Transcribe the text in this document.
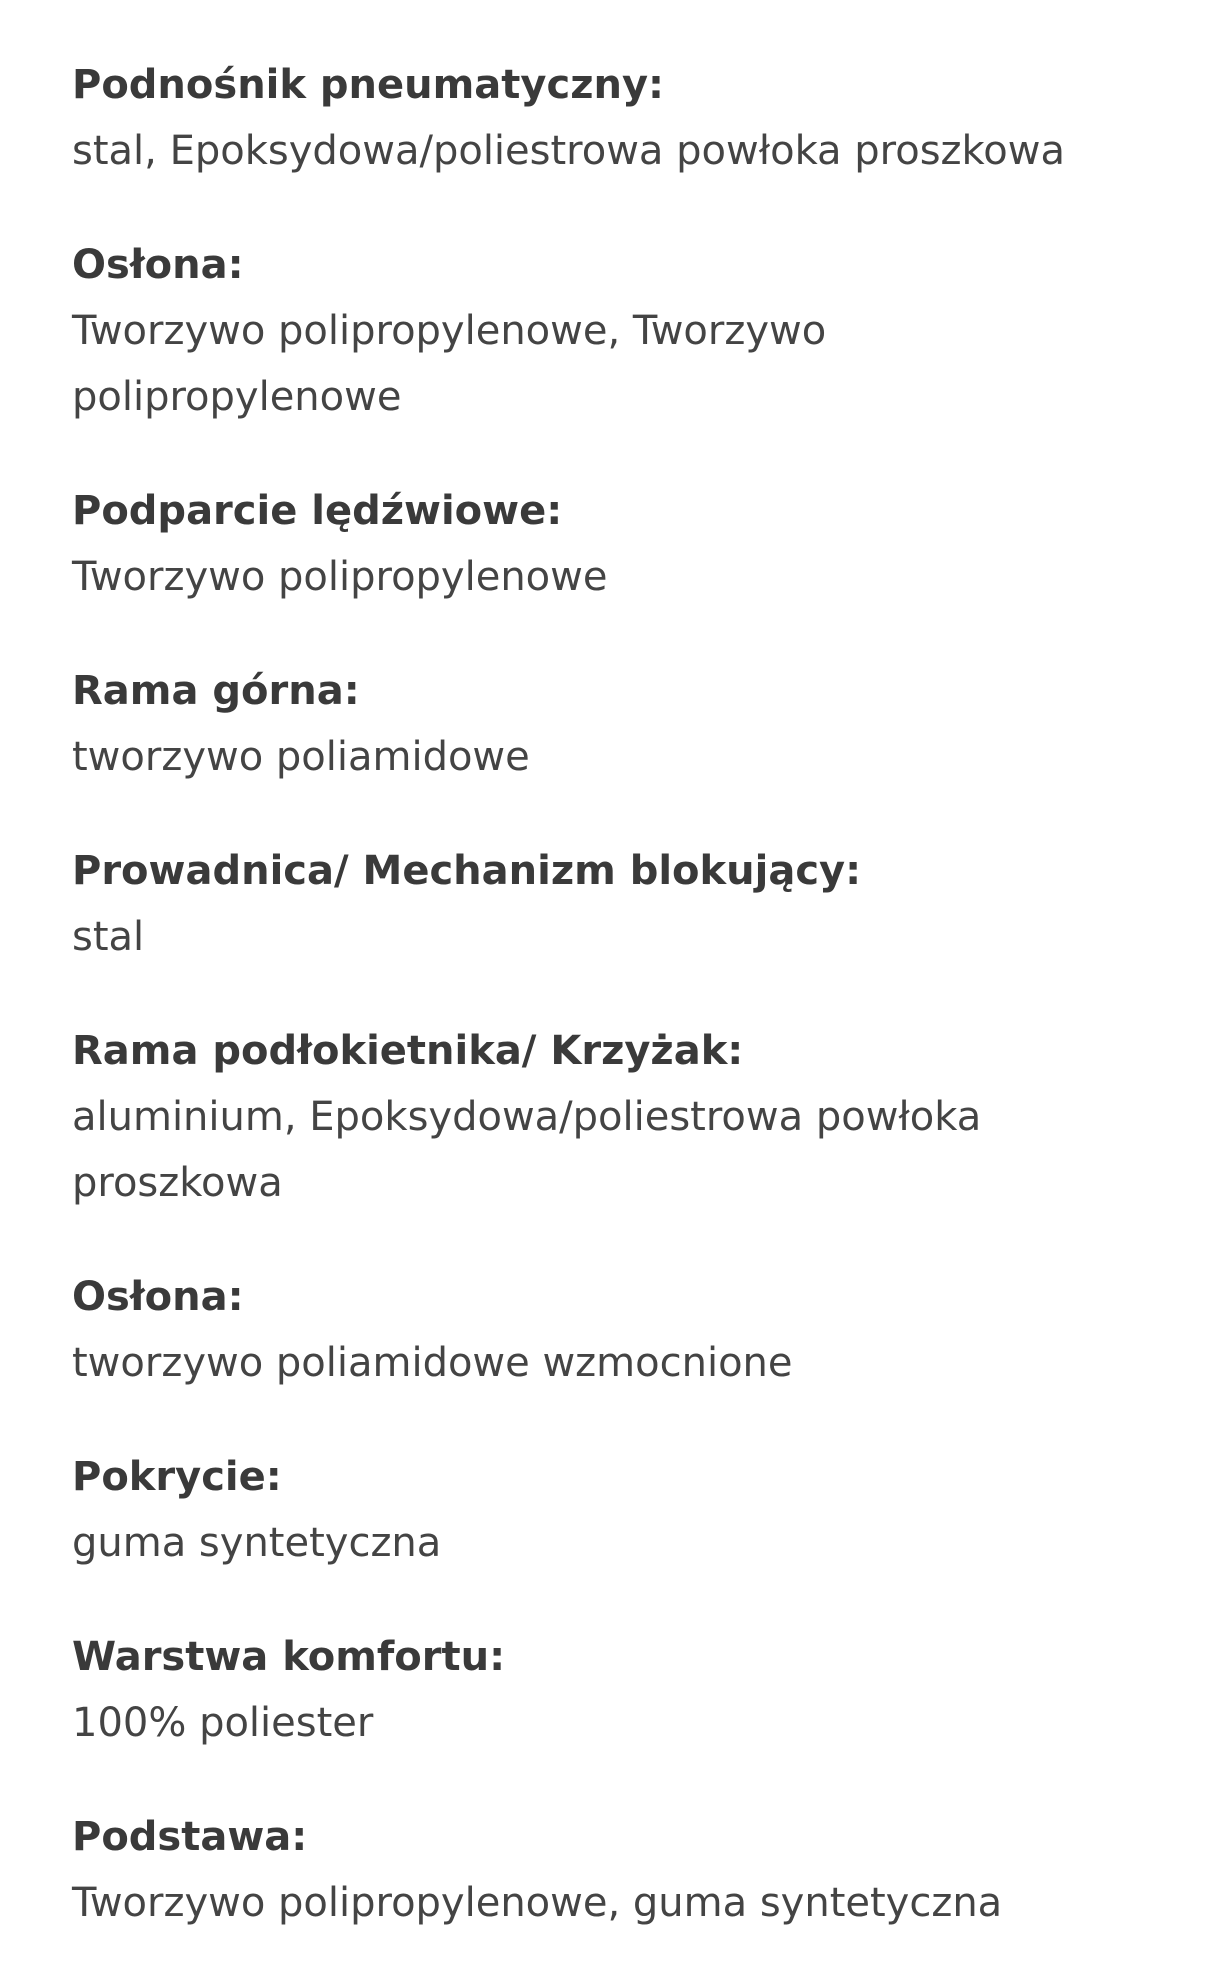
Podnośnik pneumatyczny:
stal, Epoksydowa/poliestrowa powłoka proszkowa
Osłona:
Tworzywo polipropylenowe, Tworzywo polipropylenowe
Podparcie lędźwiowe:
Tworzywo polipropylenowe
Rama górna:
tworzywo poliamidowe
Prowadnica/ Mechanizm blokujący:
stal
Rama podłokietnika/ Krzyżak:
aluminium, Epoksydowa/poliestrowa powłoka proszkowa
Osłona:
tworzywo poliamidowe wzmocnione
Pokrycie:
guma syntetyczna
Warstwa komfortu:
100% poliester
Podstawa:
Tworzywo polipropylenowe, guma syntetyczna
